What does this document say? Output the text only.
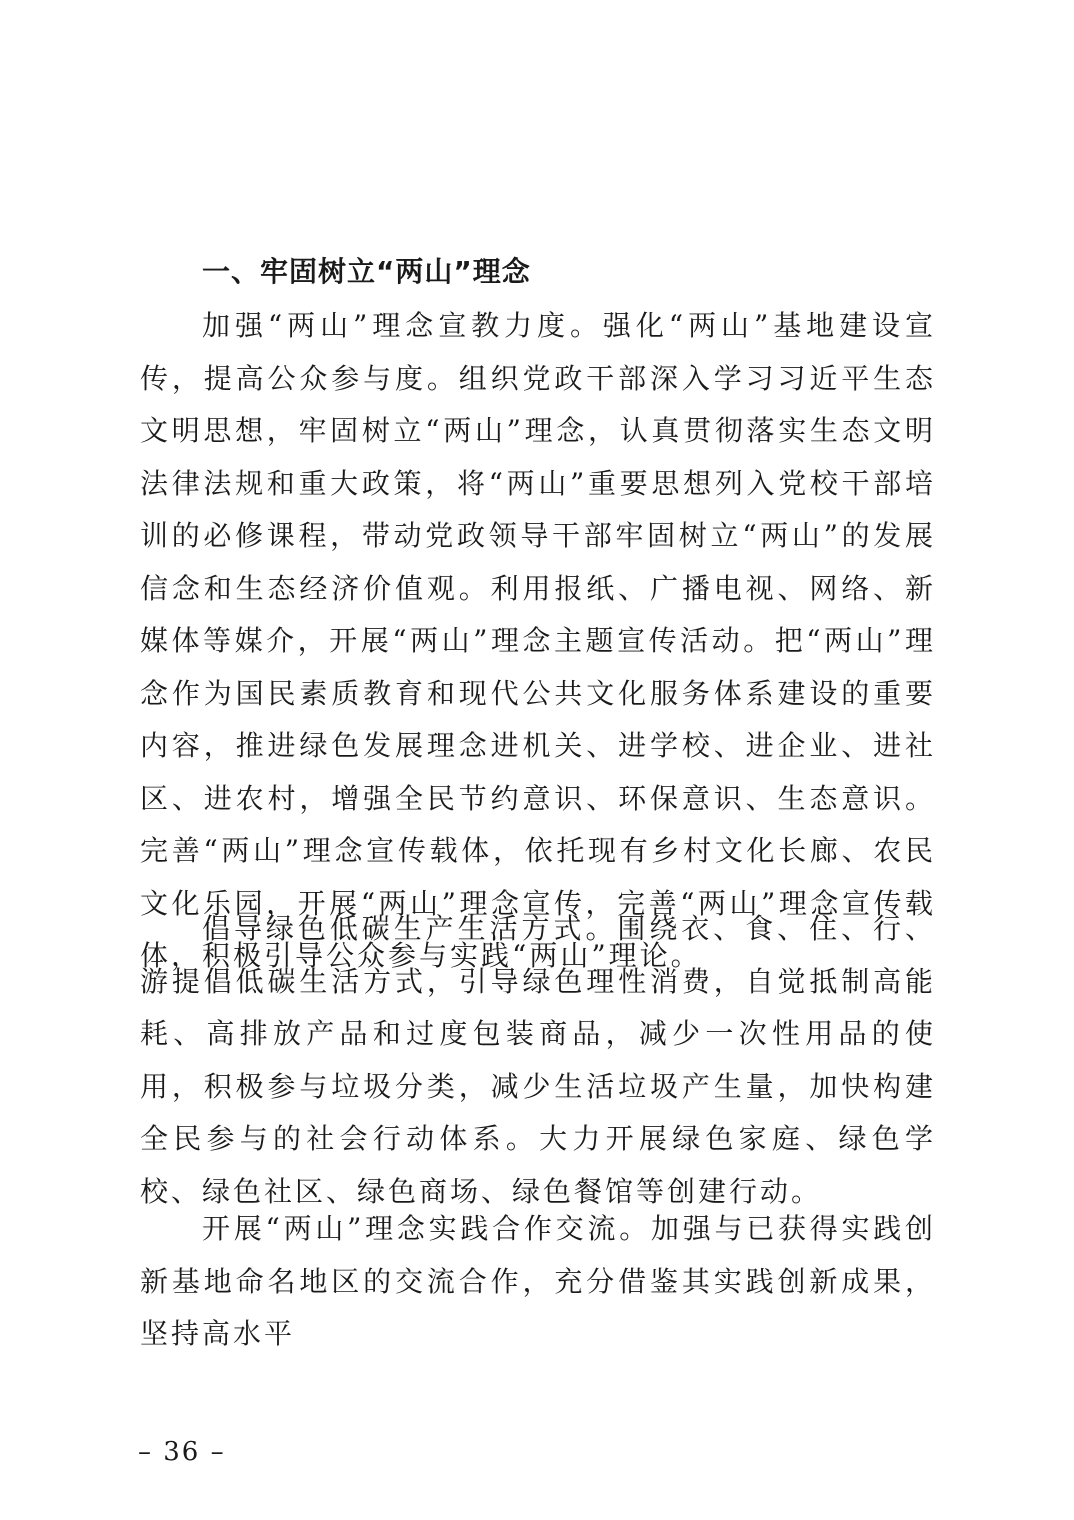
一、牢固树立“两山”理念

加强“两山”理念宣教力度。强化“两山”基地建设宣传，提高公众参与度。组织党政干部深入学习习近平生态文明思想，牢固树立“两山”理念，认真贯彻落实生态文明法律法规和重大政策，将“两山”重要思想列入党校干部培训的必修课程，带动党政领导干部牢固树立“两山”的发展信念和生态经济价值观。利用报纸、广播电视、网络、新媒体等媒介，开展“两山”理念主题宣传活动。把“两山”理念作为国民素质教育和现代公共文化服务体系建设的重要内容，推进绿色发展理念进机关、进学校、进企业、进社区、进农村，增强全民节约意识、环保意识、生态意识。完善“两山”理念宣传载体，依托现有乡村文化长廊、农民文化乐园，开展“两山”理念宣传，完善“两山”理念宣传载体，积极引导公众参与实践“两山”理论。

倡导绿色低碳生产生活方式。围绕衣、食、住、行、游提倡低碳生活方式，引导绿色理性消费，自觉抵制高能耗、高排放产品和过度包装商品，减少一次性用品的使用，积极参与垃圾分类，减少生活垃圾产生量，加快构建全民参与的社会行动体系。大力开展绿色家庭、绿色学校、绿色社区、绿色商场、绿色餐馆等创建行动。

开展“两山”理念实践合作交流。加强与已获得实践创新基地命名地区的交流合作，充分借鉴其实践创新成果，坚持高水平

– 36 –
